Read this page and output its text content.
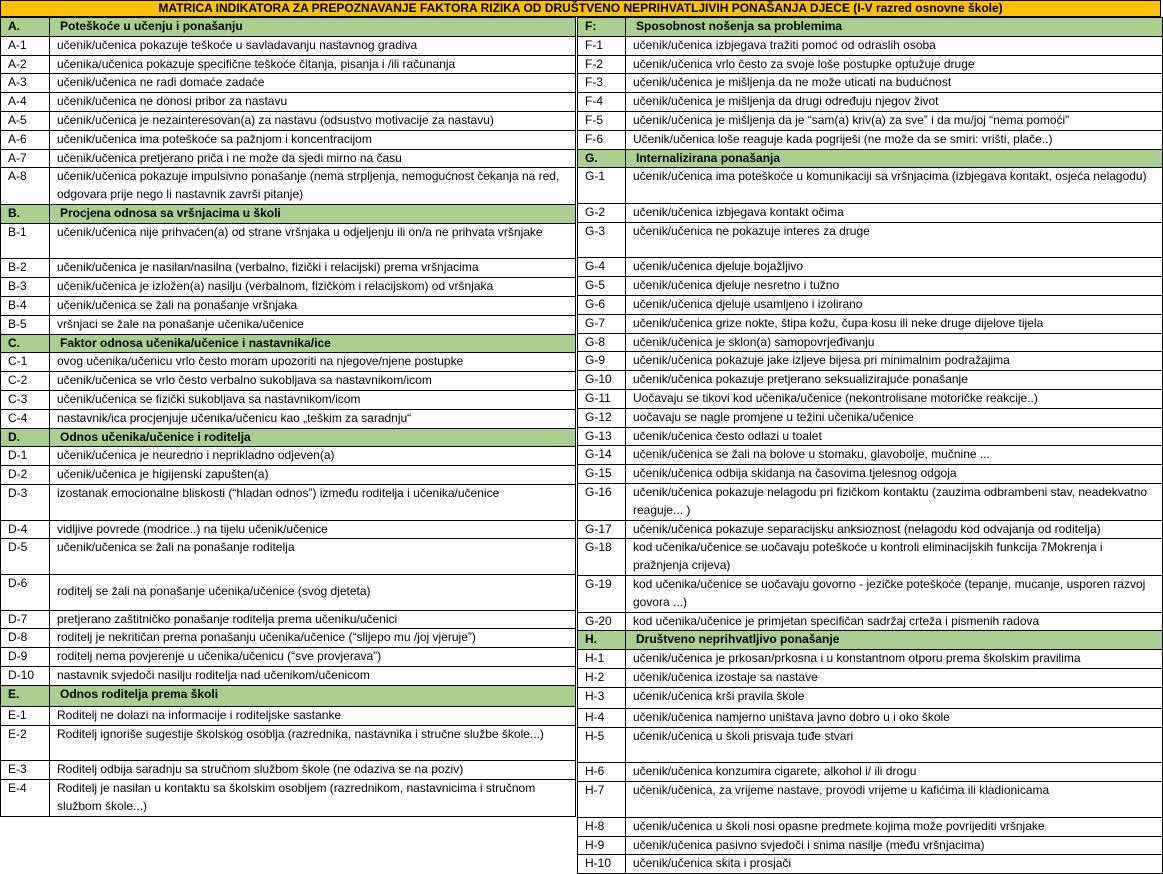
MATRICA INDIKATORA ZA PREPOZNAVANJE FAKTORA RIZIKA OD DRUŠTVENO NEPRIHVATLJIVIH PONAŠANJA DJECE (I-V razred osnovne škole)
A.	Poteškoće u učenju i ponašanju
A-1	učenik/učenica pokazuje teškoće u savladavanju nastavnog gradiva
A-2	učenika/učenica pokazuje specifične teškoće čitanja, pisanja i /ili računanja
A-3	učenik/učenica ne radi domaće zadaće
A-4	učenik/učenica ne donosi pribor za nastavu
A-5	učenik/učenica je nezainteresovan(a) za nastavu (odsustvo motivacije za nastavu)
A-6	učenik/učenica ima poteškoće sa pažnjom i koncentracijom
A-7	učenik/učenica pretjerano priča i ne može da sjedi mirno na času
A-8	učenik/učenica pokazuje impulsivno ponašanje (nema strpljenja, nemogućnost čekanja na red, odgovara prije nego li nastavnik završi pitanje)
B.	Procjena odnosa sa vršnjacima u školi
B-1	učenik/učenica nije prihvaćen(a) od strane vršnjaka u odjeljenju ili on/a ne prihvata vršnjake
B-2	učenik/učenica je nasilan/nasilna (verbalno, fizički i relacijski) prema vršnjacima
B-3	učenik/učenica je izložen(a) nasilju (verbalnom, fizičkom i relacijskom) od vršnjaka
B-4	učenik/učenica se žali na ponašanje vršnjaka
B-5	vršnjaci se žale na ponašanje učenika/učenice
C.	Faktor odnosa učenika/učenice i nastavnika/ice
C-1	ovog učenika/učenicu vrlo često moram upozoriti na njegove/njene postupke
C-2	učenik/učenica se vrlo često verbalno sukobljava sa nastavnikom/icom
C-3	učenik/učenica se fizički sukobljava sa nastavnikom/icom
C-4	nastavnik/ica procjenjuje učenika/učenicu kao „teškim za saradnju“
D.	Odnos učenika/učenice i roditelja
D-1	učenik/učenica je neuredno i neprikladno odjeven(a)
D-2	učenik/učenica je higijenski zapušten(a)
D-3	izostanak emocionalne bliskosti (“hladan odnos”) između roditelja i učenika/učenice
D-4	vidljive povrede (modrice..) na tijelu učenik/učenice
D-5	učenik/učenica se žali na ponašanje roditelja
D-6	roditelj se žali na ponašanje učenika/učenice (svog djeteta)
D-7	pretjerano zaštitničko ponašanje roditelja prema učeniku/učenici
D-8	roditelj je nekritičan prema ponašanju učenika/učenice (“slijepo mu /joj vjeruje”)
D-9	roditelj nema povjerenje u učenika/učenicu (“sve provjerava”)
D-10	nastavnik svjedoči nasilju roditelja nad učenikom/učenicom
E.	Odnos roditelja prema školi
E-1	Roditelj ne dolazi na informacije i roditeljske sastanke
E-2	Roditelj ignoriše sugestije školskog osoblja (razrednika, nastavnika i stručne službe škole...)
E-3	Roditelj odbija saradnju sa stručnom službom škole (ne odaziva se na poziv)
E-4	Roditelj je nasilan u kontaktu sa školskim osobljem (razrednikom, nastavnicima i stručnom službom škole...)
F:	Sposobnost nošenja sa problemima
F-1	učenik/učenica izbjegava tražiti pomoć od odraslih osoba
F-2	učenik/učenica vrlo često za svoje loše postupke optužuje druge
F-3	učenik/učenica je mišljenja da ne može uticati na budućnost
F-4	učenik/učenica je mišljenja da drugi određuju njegov život
F-5	učenik/učenica je mišljenja da je “sam(a) kriv(a) za sve” i da mu/joj “nema pomoći”
F-6	Učenik/učenica loše reaguje kada pogriješi (ne može da se smiri: vrišti, plače..)
G.	Internalizirana ponašanja
G-1	učenik/učenica ima poteškoće u komunikaciji sa vršnjacima (izbjegava kontakt, osjeća nelagodu)
G-2	učenik/učenica izbjegava kontakt očima
G-3	učenik/učenica ne pokazuje interes za druge
G-4	učenik/učenica djeluje bojažljivo
G-5	učenik/učenica djeluje nesretno i tužno
G-6	učenik/učenica djeluje usamljeno i izolirano
G-7	učenik/učenica grize nokte, štipa kožu, čupa kosu ili neke druge dijelove tijela
G-8	učenik/učenica je sklon(a) samopovrjeđivanju
G-9	učenik/učenica pokazuje jake izljeve bijesa pri minimalnim podražajima
G-10	učenik/učenica pokazuje pretjerano seksualizirajuće ponašanje
G-11	Uočavaju se tikovi kod učenika/učenice (nekontrolisane motoričke reakcije..)
G-12	uočavaju se nagle promjene u težini učenika/učenice
G-13	učenik/učenica često odlazi u toalet
G-14	učenik/učenica se žali na bolove u stomaku, glavobolje, mučnine ...
G-15	učenik/učenica odbija skidanja na časovima tjelesnog odgoja
G-16	učenik/učenica pokazuje nelagodu pri fizičkom kontaktu (zauzima odbrambeni stav, neadekvatno reaguje... )
G-17	učenik/učenica pokazuje separacijsku anksioznost (nelagodu kod odvajanja od roditelja)
G-18	kod učenika/učenice se uočavaju poteškoće u kontroli eliminacijskih funkcija 7Mokrenja i pražnjenja crijeva)
G-19	kod učenika/učenice se uočavaju govorno - jezičke poteškoće (tepanje, mucanje, usporen razvoj govora ...)
G-20	kod učenika/učenice je primjetan specifičan sadržaj crteža i pismenih radova
H.	Društveno neprihvatljivo ponašanje
H-1	učenik/učenica je prkosan/prkosna i u konstantnom otporu prema školskim pravilima
H-2	učenik/učenica izostaje sa nastave
H-3	učenik/učenica krši pravila škole
H-4	učenik/učenica namjerno uništava javno dobro u i oko škole
H-5	učenik/učenica u školi prisvaja tuđe stvari
H-6	učenik/učenica konzumira cigarete, alkohol i/ ili drogu
H-7	učenik/učenica, za vrijeme nastave, provodi vrijeme u kafićima ili kladionicama
H-8	učenik/učenica u školi nosi opasne predmete kojima može povrijediti vršnjake
H-9	učenik/učenica pasivno svjedoči i snima nasilje (među vršnjacima)
H-10	učenik/učenica skita i prosjači
